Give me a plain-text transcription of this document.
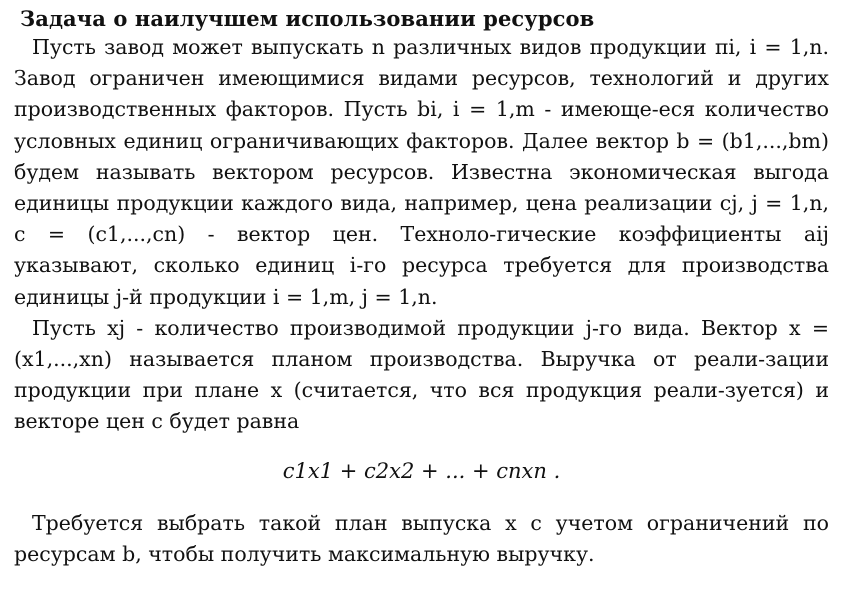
Задача о наилучшем использовании ресурсов

Пусть завод может выпускать n различных видов продукции πi, i = 1,n. Завод ограничен имеющимися видами ресурсов, технологий и других производственных факторов. Пусть bi, i = 1,m - имеюще-еся количество условных единиц ограничивающих факторов. Далее вектор b = (b1,...,bm) будем называть вектором ресурсов. Известна экономическая выгода единицы продукции каждого вида, например, цена реализации cj, j = 1,n, c = (c1,...,cn) - вектор цен. Техноло-гические коэффициенты aij указывают, сколько единиц i-го ресурса требуется для производства единицы j-й продукции i = 1,m, j = 1,n.

Пусть xj - количество производимой продукции j-го вида. Вектор x = (x1,...,xn) называется планом производства. Выручка от реали-зации продукции при плане x (считается, что вся продукция реали-зуется) и векторе цен c будет равна

c1x1 + c2x2 + ... + cnxn .

Требуется выбрать такой план выпуска x с учетом ограничений по ресурсам b, чтобы получить максимальную выручку.
